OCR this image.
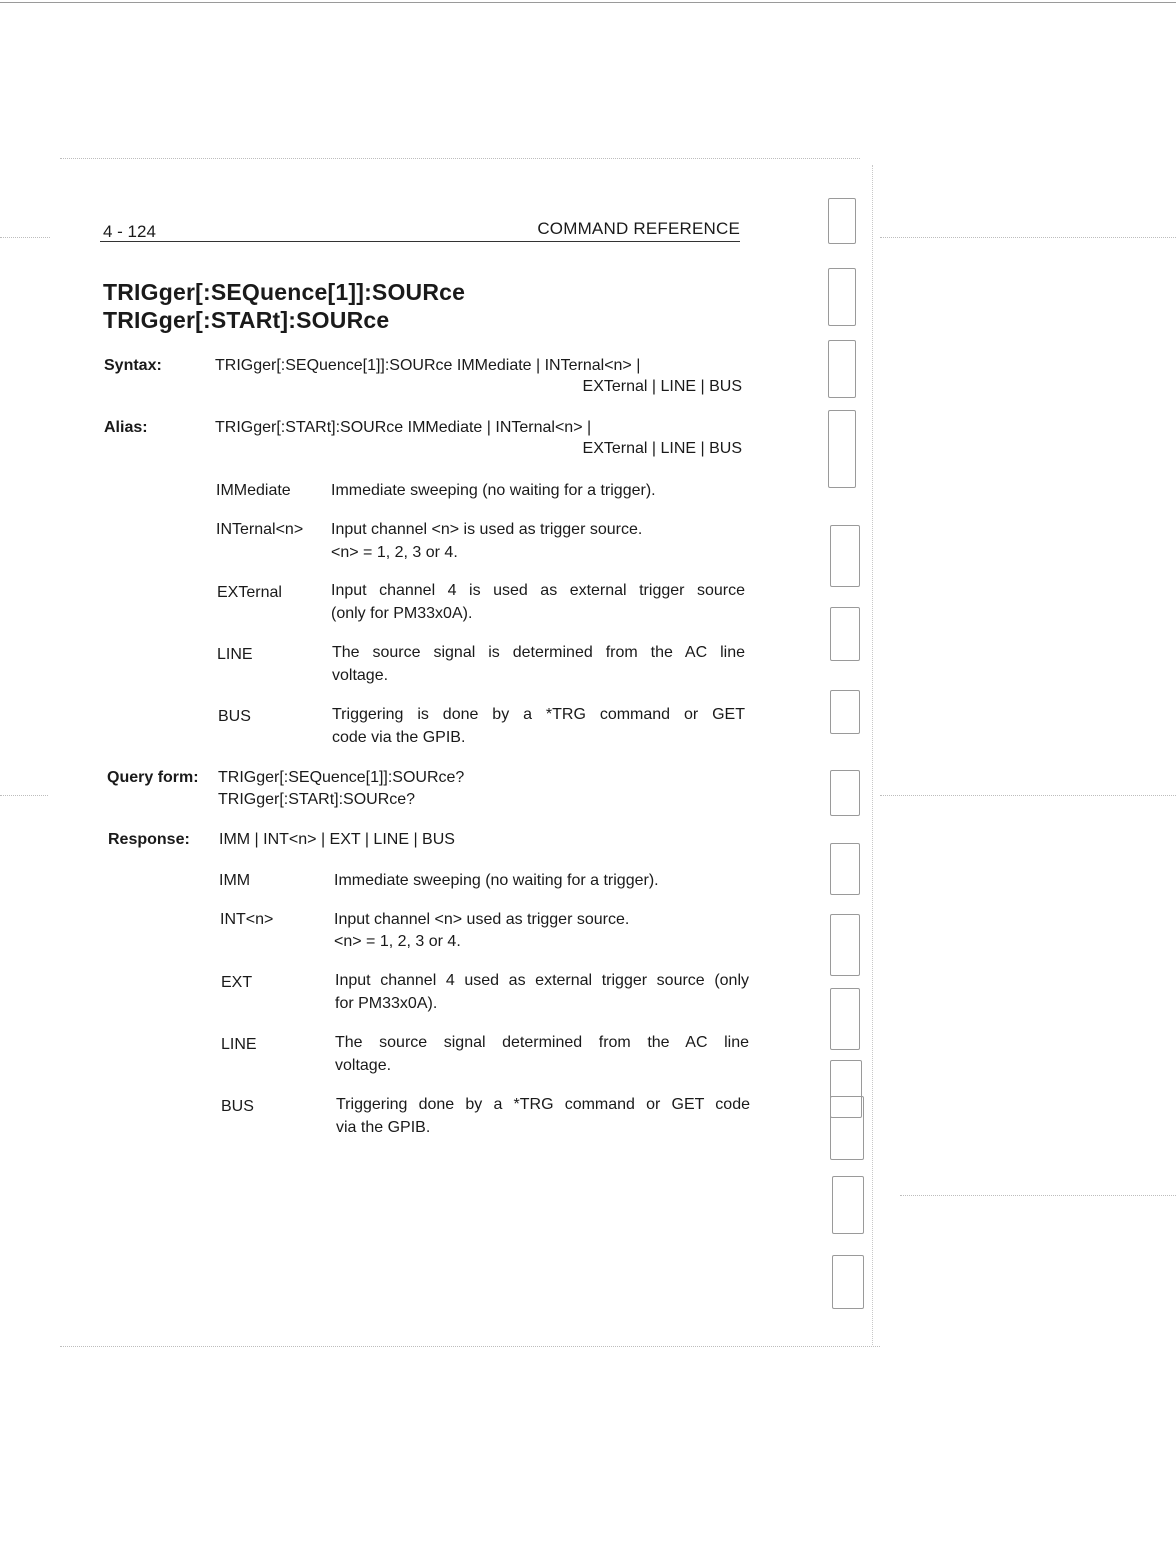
4 - 124	COMMAND REFERENCE
TRIGger[:SEQuence[1]]:SOURce
TRIGger[:STARt]:SOURce
Syntax:	TRIGger[:SEQuence[1]]:SOURce IMMediate | INTernal<n> |
EXTernal | LINE | BUS
Alias:	TRIGger[:STARt]:SOURce IMMediate | INTernal<n> |
EXTernal | LINE | BUS
IMMediate	Immediate sweeping (no waiting for a trigger).
INTernal<n> Input channel <n> is used as trigger source.
<n> = 1, 2, 3 or 4.
EXTernal	Input channel 4 is used as external trigger source
(only for PM33x0A).
LINE	The source signal is determined from the AC line
voltage.
BUS	Triggering is done by a *TRG command or GET
code via the GPIB.
Query form: TRIGger[:SEQuence[1]]:SOURce?
TRIGger[:STARt]:SOURce?
Response: IMM | INT<n> | EXT | LINE | BUS
IMM	Immediate sweeping (no waiting for a trigger).
INT<n>	Input channel <n> used as trigger source.
<n> = 1, 2, 3 or 4.
EXT	Input channel 4 used as external trigger source (only
for PM33x0A).
LINE	The source signal determined from the AC line
voltage.
BUS	Triggering done by a *TRG command or GET code
via the GPIB.
